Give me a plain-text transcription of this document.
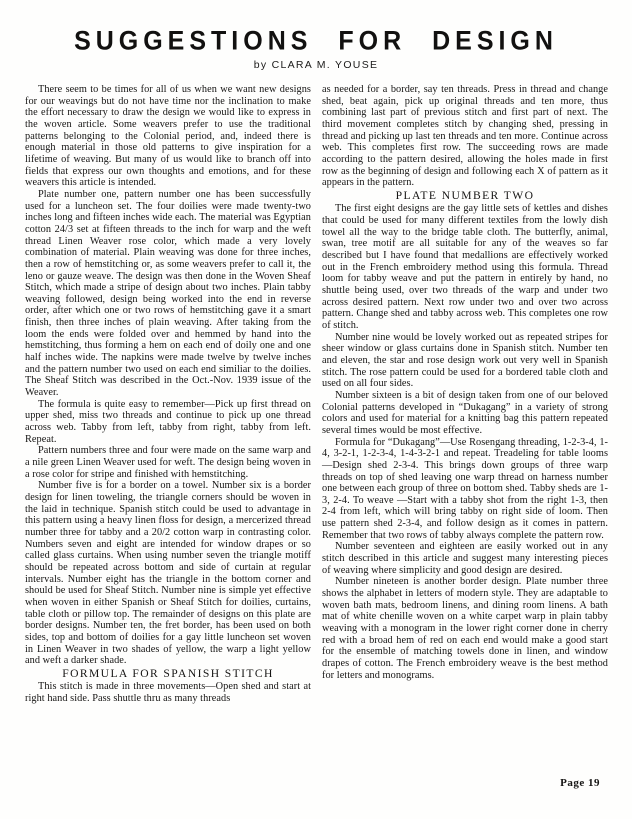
SUGGESTIONS FOR DESIGN
by CLARA M. YOUSE

There seem to be times for all of us when we want new designs for our weavings but do not have time nor the inclination to make the effort necessary to draw the design we would like to express in the woven article. Some weavers prefer to use the traditional patterns belonging to the Colonial period, and, indeed there is enough material in those old patterns to give inspiration for a lifetime of weaving. But many of us would like to branch off into fields that express our own thoughts and emotions, and for these weavers this article is intended.

Plate number one, pattern number one has been successfully used for a luncheon set. The four doilies were made twenty-two inches long and fifteen inches wide each. The material was Egyptian cotton 24/3 set at fifteen threads to the inch for warp and the weft thread Linen Weaver rose color, which made a very lovely combination of material. Plain weaving was done for three inches, then a row of hemstitching or, as some weavers prefer to call it, the leno or gauze weave. The design was then done in the Woven Sheaf Stitch, which made a stripe of design about two inches. Plain tabby weaving followed, design being worked into the end in reverse order, after which one or two rows of hemstitching gave it a smart finish, then three inches of plain weaving. After taking from the loom the ends were folded over and hemmed by hand into the hemstitching, thus forming a hem on each end of doily one and one half inches wide. The napkins were made twelve by twelve inches and the pattern number two used on each end similiar to the doilies. The Sheaf Stitch was described in the Oct.-Nov. 1939 issue of the Weaver.

The formula is quite easy to remember—Pick up first thread on upper shed, miss two threads and continue to pick up one thread across web. Tabby from left, tabby from right, tabby from left. Repeat.

Pattern numbers three and four were made on the same warp and a nile green Linen Weaver used for weft. The design being woven in a rose color for stripe and finished with hemstitching.

Number five is for a border on a towel. Number six is a border design for linen toweling, the triangle corners should be woven in the laid in technique. Spanish stitch could be used to advantage in this pattern using a heavy linen floss for design, a mercerized thread number three for tabby and a 20/2 cotton warp in contrasting color. Numbers seven and eight are intended for window drapes or so called glass curtains. When using number seven the triangle motiff should be repeated across bottom and side of curtain at regular intervals. Number eight has the triangle in the bottom corner and should be used for Sheaf Stitch. Number nine is simple yet effective when woven in either Spanish or Sheaf Stitch for doilies, curtains, table cloth or pillow top. The remainder of designs on this plate are border designs. Number ten, the fret border, has been used on both sides, top and bottom of doilies for a gay little luncheon set woven in Linen Weaver in two shades of yellow, the warp a light yellow and weft a darker shade.

FORMULA FOR SPANISH STITCH

This stitch is made in three movements—Open shed and start at right hand side. Pass shuttle thru as many threads

as needed for a border, say ten threads. Press in thread and change shed, beat again, pick up original threads and ten more, thus combining last part of previous stitch and first part of next. The third movement completes stitch by changing shed, pressing in thread and picking up last ten threads and ten more. Continue across web. This completes first row. The succeeding rows are made according to the pattern desired, allowing the holes made in first row as the beginning of design and following each X of pattern as it appears in the pattern.

PLATE NUMBER TWO

The first eight designs are the gay little sets of kettles and dishes that could be used for many different textiles from the lowly dish towel all the way to the bridge table cloth. The butterfly, animal, swan, tree motif are all suitable for any of the weaves so far described but I have found that medallions are effectively worked out in the French embroidery method using this formula. Thread loom for tabby weave and put the pattern in entirely by hand, no shuttle being used, over two threads of the warp and under two across desired pattern. Next row under two and over two across pattern. Change shed and tabby across web. This completes one row of stitch.

Number nine would be lovely worked out as repeated stripes for sheer window or glass curtains done in Spanish stitch. Number ten and eleven, the star and rose design work out very well in Spanish stitch. The rose pattern could be used for a bordered table cloth and used on all four sides.

Number sixteen is a bit of design taken from one of our beloved Colonial patterns developed in “Dukagang” in a variety of strong colors and used for material for a knitting bag this pattern repeated several times would be most effective.

Formula for “Dukagang”—Use Rosengang threading, 1-2-3-4, 1-4, 3-2-1, 1-2-3-4, 1-4-3-2-1 and repeat. Treadeling for table looms—Design shed 2-3-4. This brings down groups of three warp threads on top of shed leaving one warp thread on harness number one between each group of three on bottom shed. Tabby sheds are 1-3, 2-4. To weave —Start with a tabby shot from the right 1-3, then 2-4 from left, which will bring tabby on right side of loom. Then use pattern shed 2-3-4, and follow design as it comes in pattern. Remember that two rows of tabby always complete the pattern row.

Number seventeen and eighteen are easily worked out in any stitch described in this article and suggest many interesting pieces of weaving where simplicity and good design are desired.

Number nineteen is another border design. Plate number three shows the alphabet in letters of modern style. They are adaptable to woven bath mats, bedroom linens, and dining room linens. A bath mat of white chenille woven on a white carpet warp in plain tabby weaving with a monogram in the lower right corner done in cherry red with a broad hem of red on each end would make a good start for the ensemble of matching towels done in linen, and window drapes of cotton. The French embroidery weave is the best method for letters and monograms.

Page 19
